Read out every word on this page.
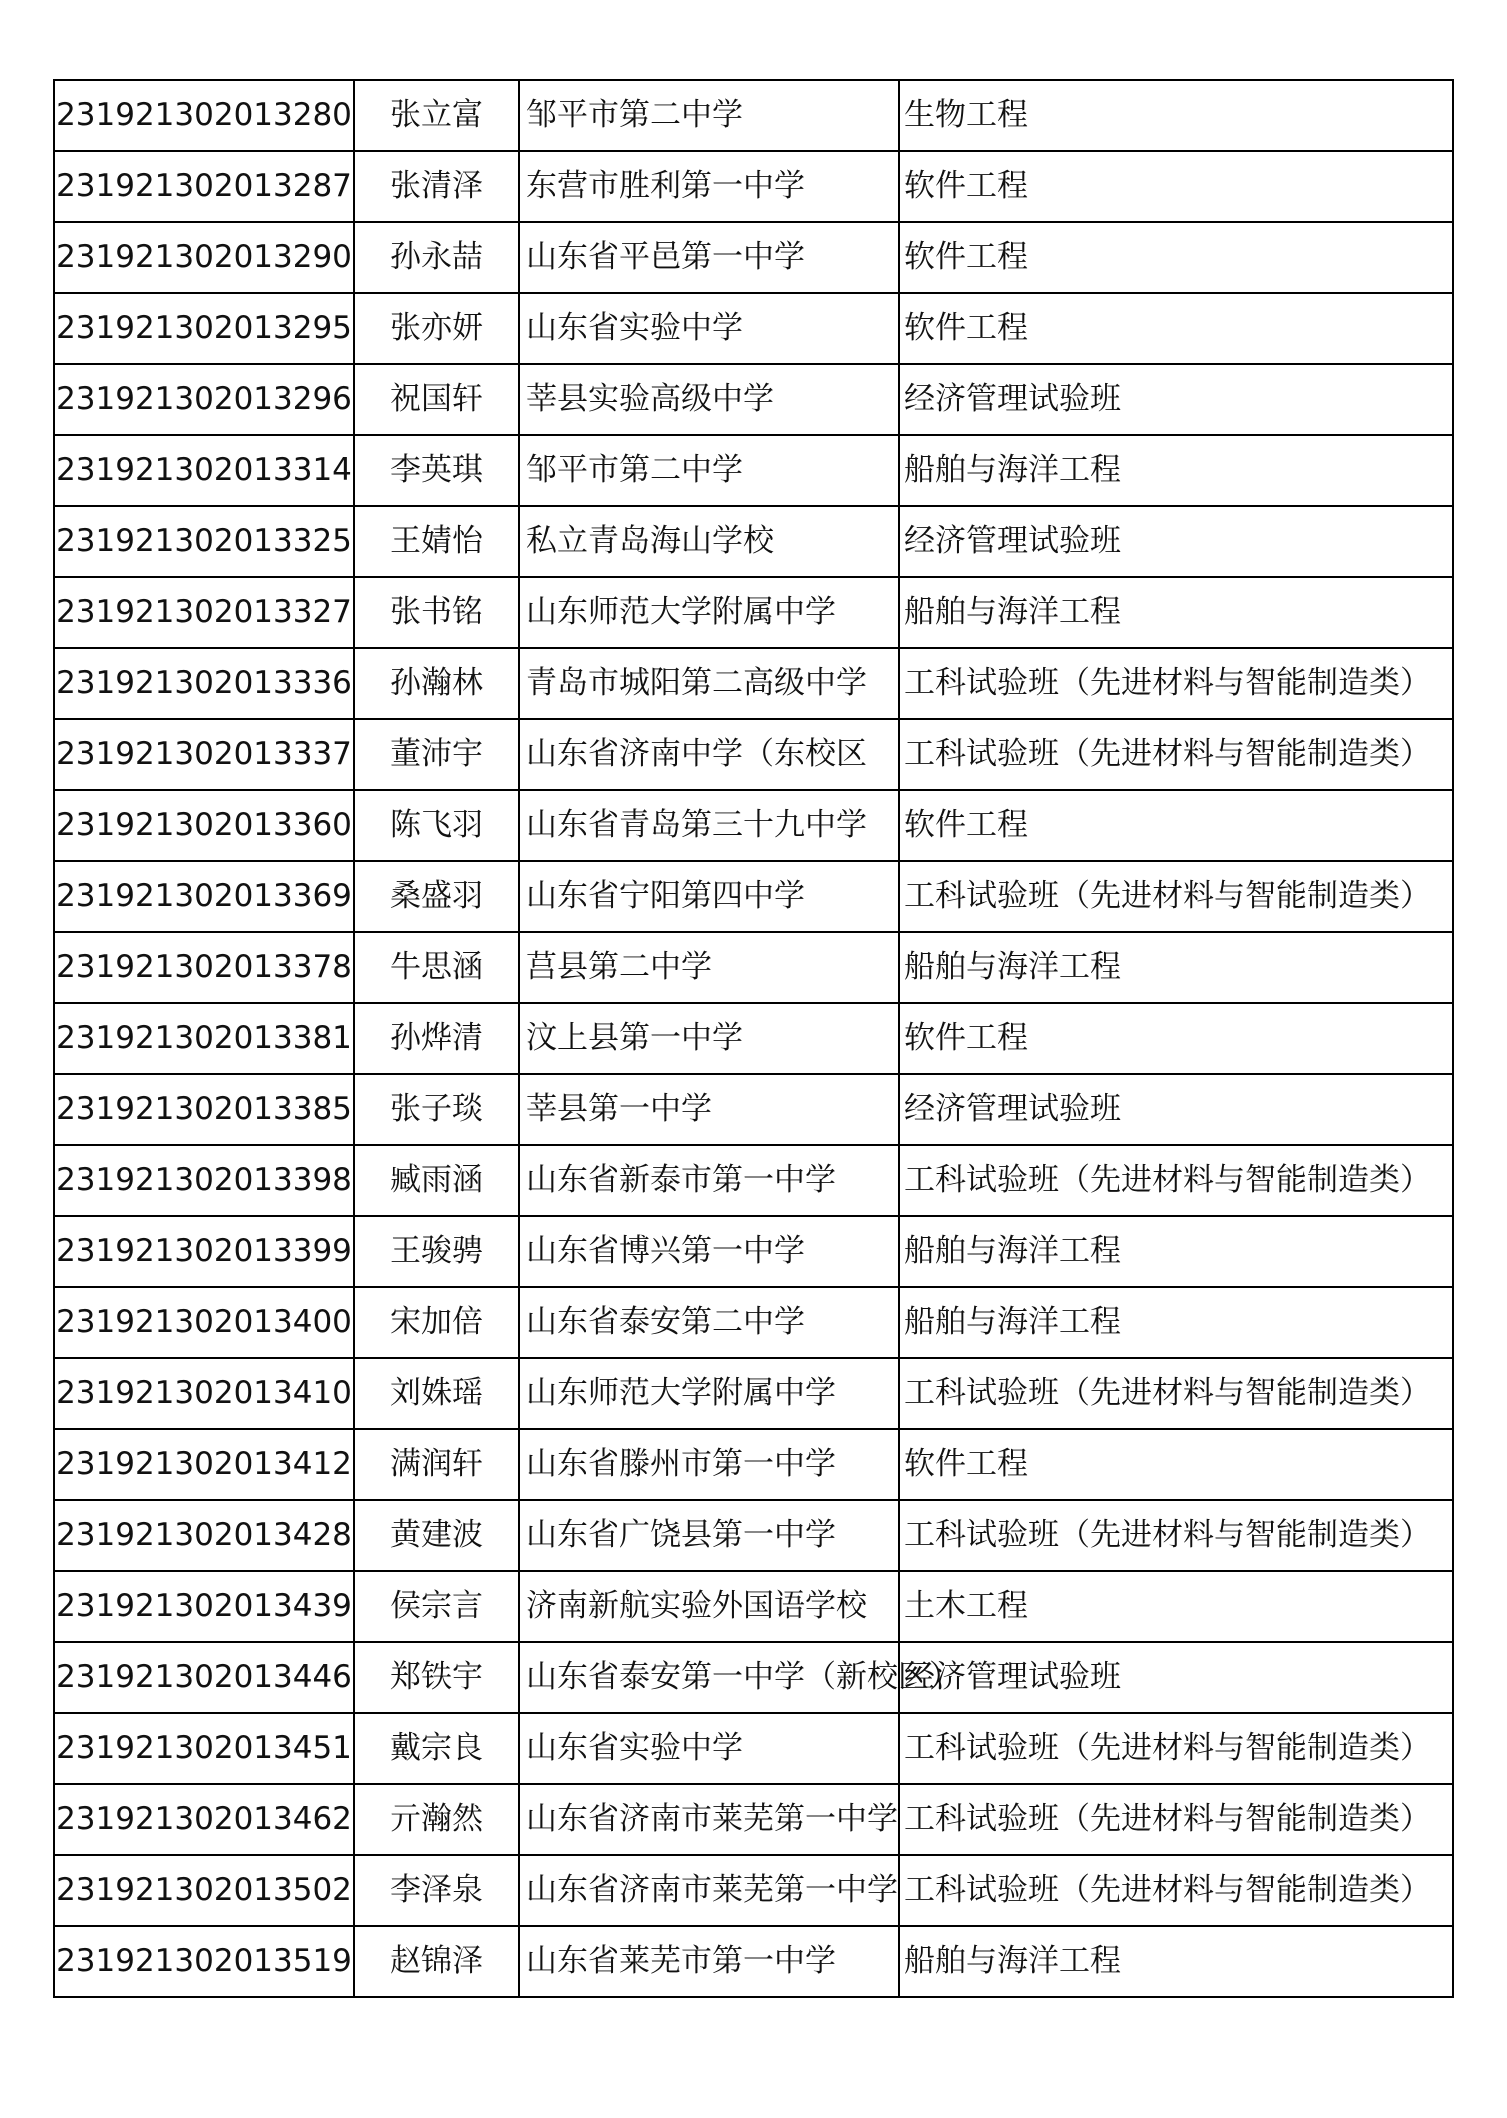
231921302013280	张立富	邹平市第二中学	生物工程
231921302013287	张清泽	东营市胜利第一中学	软件工程
231921302013290	孙永喆	山东省平邑第一中学	软件工程
231921302013295	张亦妍	山东省实验中学	软件工程
231921302013296	祝国轩	莘县实验高级中学	经济管理试验班
231921302013314	李英琪	邹平市第二中学	船舶与海洋工程
231921302013325	王婧怡	私立青岛海山学校	经济管理试验班
231921302013327	张书铭	山东师范大学附属中学	船舶与海洋工程
231921302013336	孙瀚林	青岛市城阳第二高级中学	工科试验班（先进材料与智能制造类）
231921302013337	董沛宇	山东省济南中学（东校区	工科试验班（先进材料与智能制造类）
231921302013360	陈飞羽	山东省青岛第三十九中学	软件工程
231921302013369	桑盛羽	山东省宁阳第四中学	工科试验班（先进材料与智能制造类）
231921302013378	牛思涵	莒县第二中学	船舶与海洋工程
231921302013381	孙烨清	汶上县第一中学	软件工程
231921302013385	张子琰	莘县第一中学	经济管理试验班
231921302013398	臧雨涵	山东省新泰市第一中学	工科试验班（先进材料与智能制造类）
231921302013399	王骏骋	山东省博兴第一中学	船舶与海洋工程
231921302013400	宋加倍	山东省泰安第二中学	船舶与海洋工程
231921302013410	刘姝瑶	山东师范大学附属中学	工科试验班（先进材料与智能制造类）
231921302013412	满润轩	山东省滕州市第一中学	软件工程
231921302013428	黄建波	山东省广饶县第一中学	工科试验班（先进材料与智能制造类）
231921302013439	侯宗言	济南新航实验外国语学校	土木工程
231921302013446	郑铁宇	山东省泰安第一中学（新校区）	经济管理试验班
231921302013451	戴宗良	山东省实验中学	工科试验班（先进材料与智能制造类）
231921302013462	亓瀚然	山东省济南市莱芜第一中学	工科试验班（先进材料与智能制造类）
231921302013502	李泽泉	山东省济南市莱芜第一中学	工科试验班（先进材料与智能制造类）
231921302013519	赵锦泽	山东省莱芜市第一中学	船舶与海洋工程
